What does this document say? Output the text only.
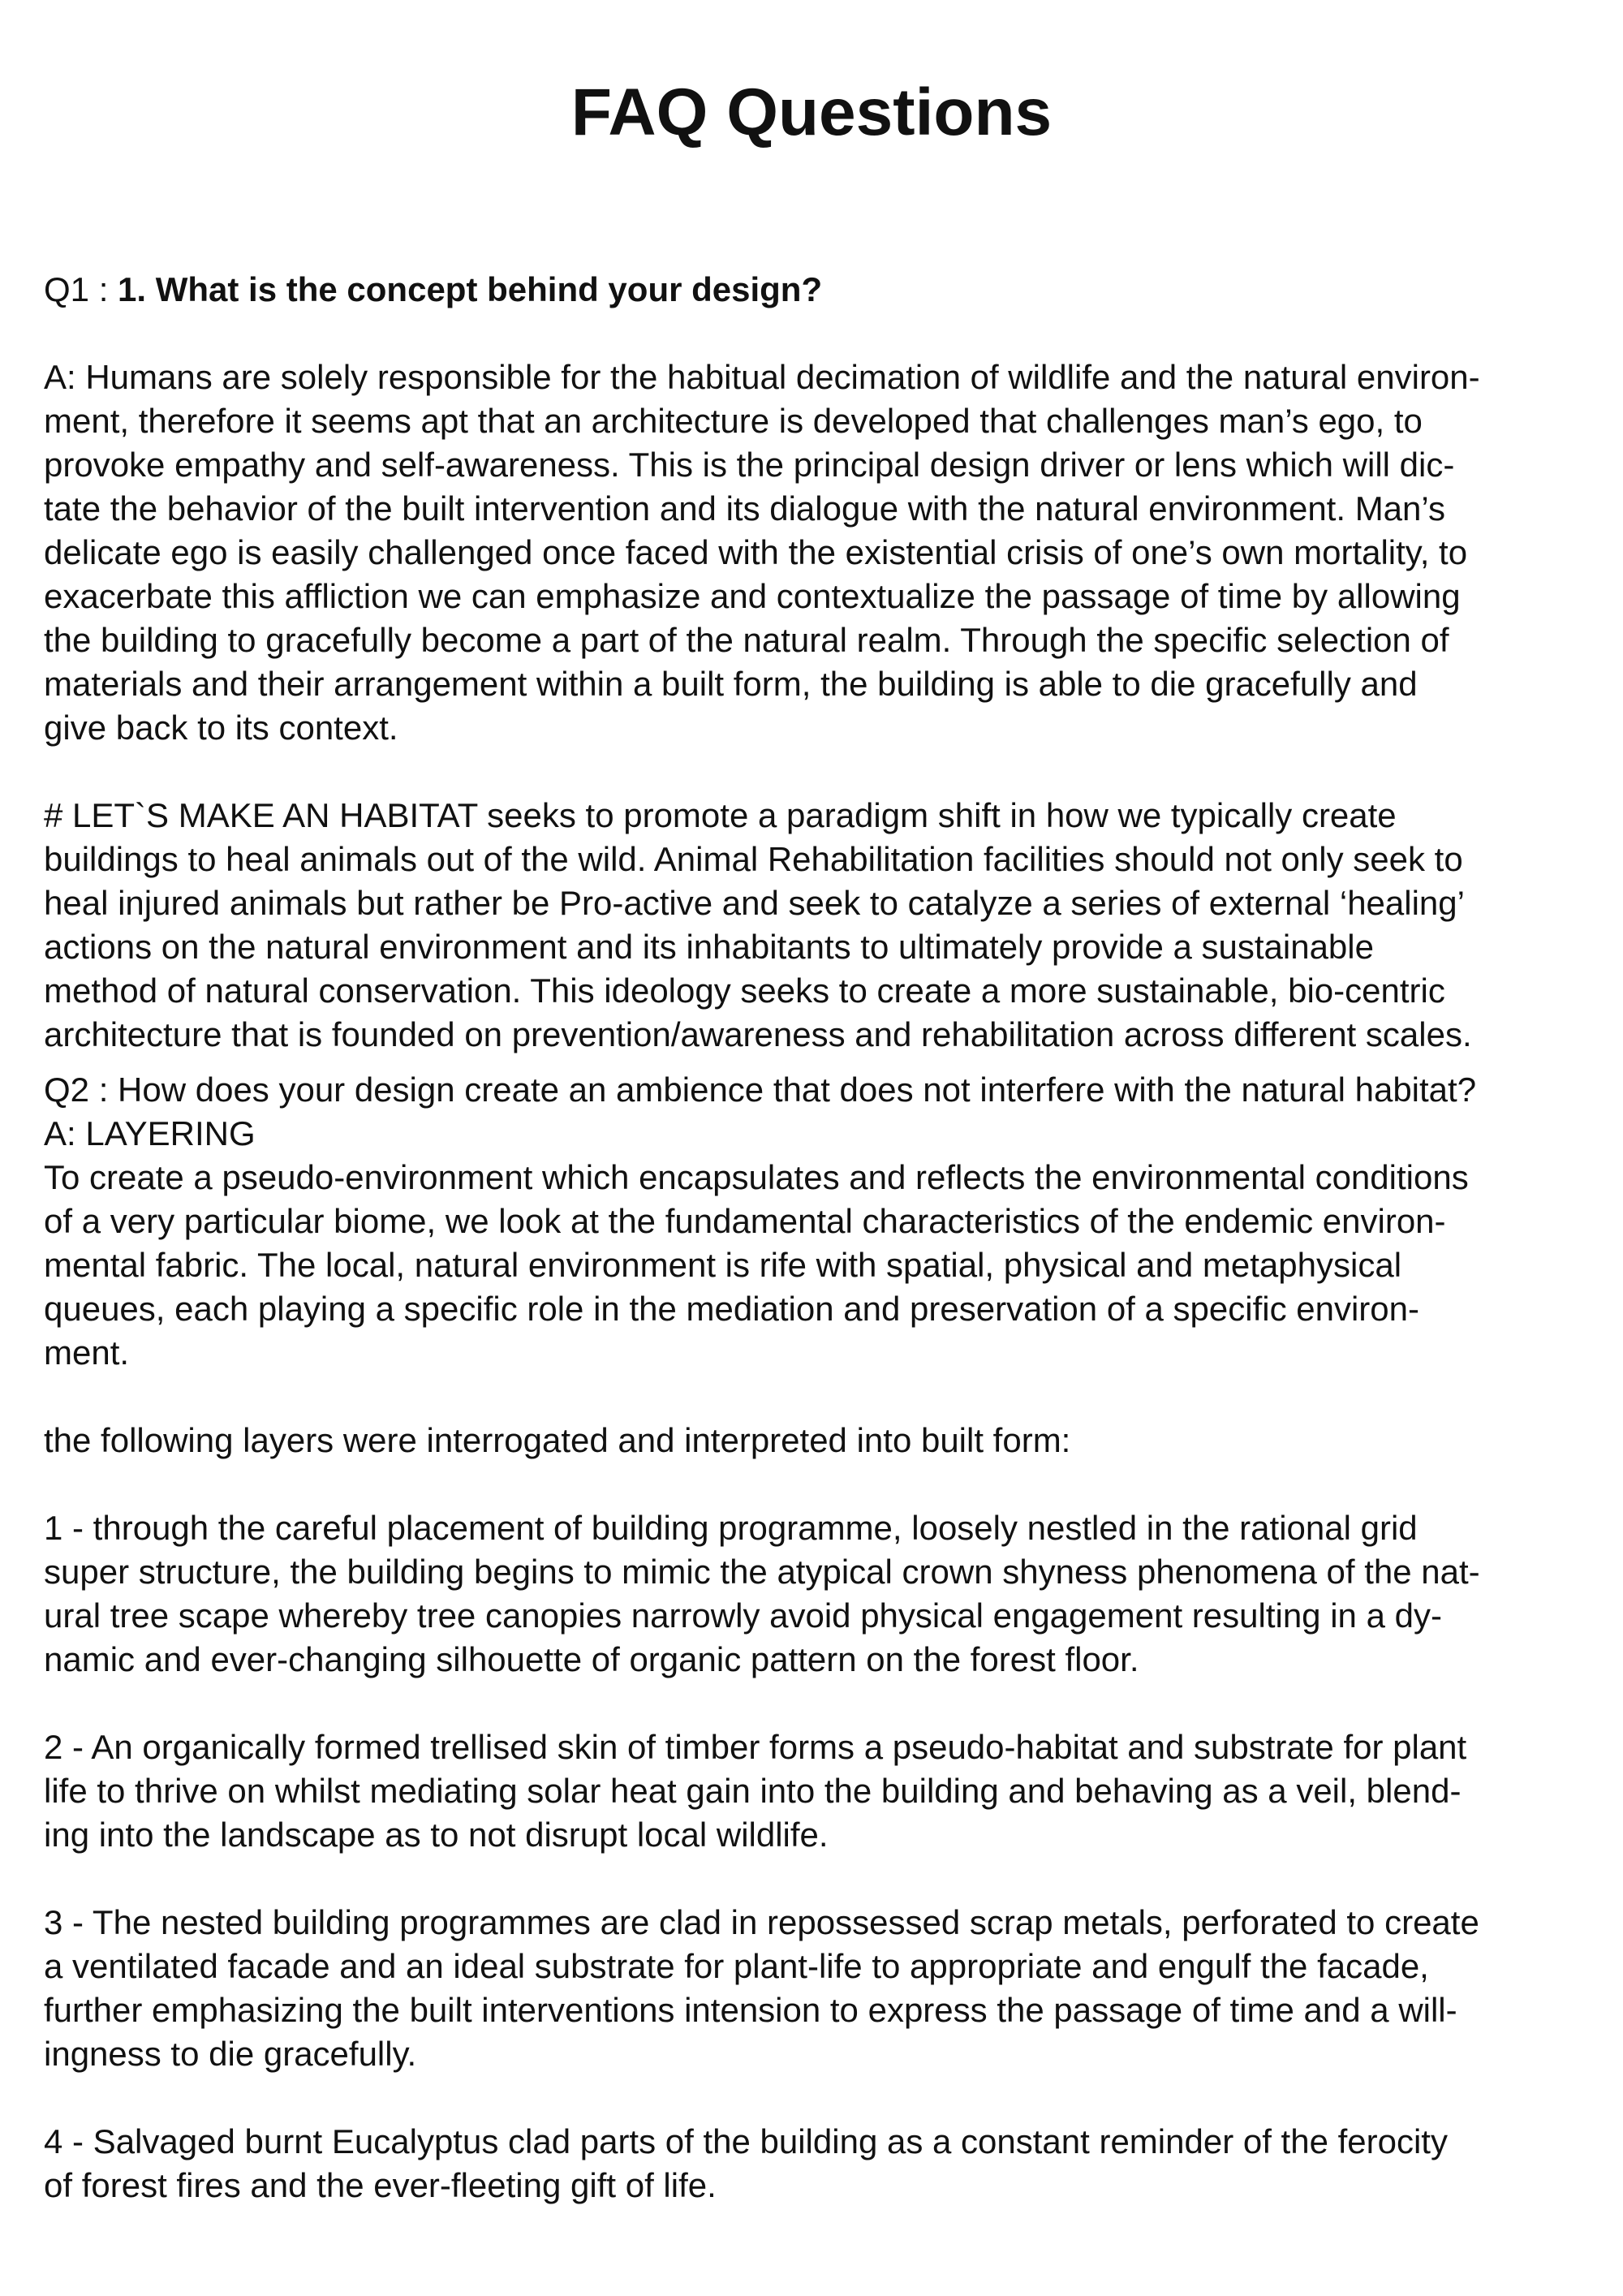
FAQ Questions

Q1 : 1. What is the concept behind your design?

A: Humans are solely responsible for the habitual decimation of wildlife and the natural environ-
ment, therefore it seems apt that an architecture is developed that challenges man’s ego, to
provoke empathy and self-awareness. This is the principal design driver or lens which will dic-
tate the behavior of the built intervention and its dialogue with the natural environment. Man’s
delicate ego is easily challenged once faced with the existential crisis of one’s own mortality, to
exacerbate this affliction we can emphasize and contextualize the passage of time by allowing
the building to gracefully become a part of the natural realm. Through the specific selection of
materials and their arrangement within a built form, the building is able to die gracefully and
give back to its context.

# LET`S MAKE AN HABITAT seeks to promote a paradigm shift in how we typically create
buildings to heal animals out of the wild. Animal Rehabilitation facilities should not only seek to
heal injured animals but rather be Pro-active and seek to catalyze a series of external ‘healing’
actions on the natural environment and its inhabitants to ultimately provide a sustainable
method of natural conservation. This ideology seeks to create a more sustainable, bio-centric
architecture that is founded on prevention/awareness and rehabilitation across different scales.

Q2 : How does your design create an ambience that does not interfere with the natural habitat?

A: LAYERING

To create a pseudo-environment which encapsulates and reflects the environmental conditions
of a very particular biome, we look at the fundamental characteristics of the endemic environ-
mental fabric. The local, natural environment is rife with spatial, physical and metaphysical
queues, each playing a specific role in the mediation and preservation of a specific environ-
ment.

the following layers were interrogated and interpreted into built form:

1 - through the careful placement of building programme, loosely nestled in the rational grid
super structure, the building begins to mimic the atypical crown shyness phenomena of the nat-
ural tree scape whereby tree canopies narrowly avoid physical engagement resulting in a dy-
namic and ever-changing silhouette of organic pattern on the forest floor.

2 - An organically formed trellised skin of timber forms a pseudo-habitat and substrate for plant
life to thrive on whilst mediating solar heat gain into the building and behaving as a veil, blend-
ing into the landscape as to not disrupt local wildlife.

3 - The nested building programmes are clad in repossessed scrap metals, perforated to create
a ventilated facade and an ideal substrate for plant-life to appropriate and engulf the facade,
further emphasizing the built interventions intension to express the passage of time and a will-
ingness to die gracefully.

4 - Salvaged burnt Eucalyptus clad parts of the building as a constant reminder of the ferocity
of forest fires and the ever-fleeting gift of life.
